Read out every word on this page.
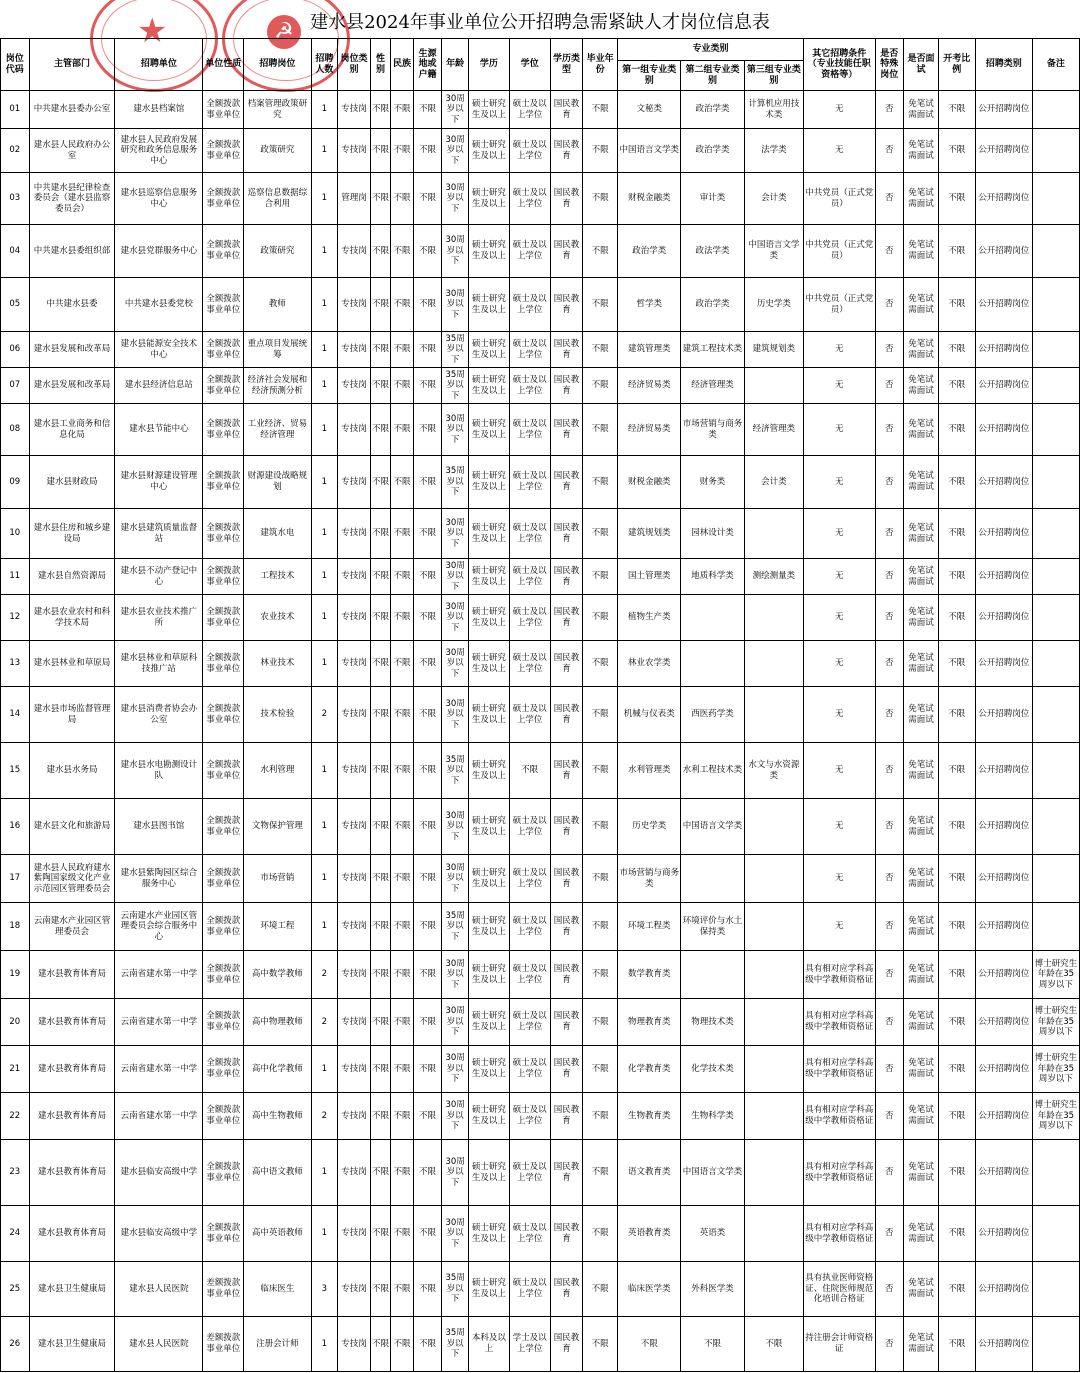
★	☭ 建水县2024年事业单位公开招聘急需紧缺人才岗位信息表
岗位代码	主管部门	招聘单位	单位性质	招聘岗位	招聘人数	岗位类别	性别	民族	生源地或户籍	年龄	学历	学位	学历类型	毕业年份	专业类别			其它招聘条件（专业技能任职资格等）	是否特殊岗位	是否面试	开考比例	招聘类别	备注
															第一组专业类别	第二组专业类别	第三组专业类别						
01	中共建水县委办公室	建水县档案馆	全额拨款事业单位	档案管理政策研究	1	专技岗	不限	不限	不限	30周岁以下	硕士研究生及以上	硕士及以上学位	国民教育	不限	文秘类	政治学类	计算机应用技术类	无	否	免笔试需面试	不限	公开招聘岗位	
02	建水县人民政府办公室	建水县人民政府发展研究和政务信息服务中心	全额拨款事业单位	政策研究	1	专技岗	不限	不限	不限	30周岁以下	硕士研究生及以上	硕士及以上学位	国民教育	不限	中国语言文学类	政治学类	法学类	无	否	免笔试需面试	不限	公开招聘岗位	
03	中共建水县纪律检查委员会（建水县监察委员会）	建水县巡察信息服务中心	全额拨款事业单位	巡察信息数据综合利用	1	管理岗	不限	不限	不限	30周岁以下	硕士研究生及以上	硕士及以上学位	国民教育	不限	财税金融类	审计类	会计类	中共党员（正式党员）	否	免笔试需面试	不限	公开招聘岗位	
04	中共建水县委组织部	建水县党群服务中心	全额拨款事业单位	政策研究	1	专技岗	不限	不限	不限	30周岁以下	硕士研究生及以上	硕士及以上学位	国民教育	不限	政治学类	政法学类	中国语言文学类	中共党员（正式党员）	否	免笔试需面试	不限	公开招聘岗位	
05	中共建水县委	中共建水县委党校	全额拨款事业单位	教师	1	专技岗	不限	不限	不限	30周岁以下	硕士研究生及以上	硕士及以上学位	国民教育	不限	哲学类	政治学类	历史学类	中共党员（正式党员）	否	免笔试需面试	不限	公开招聘岗位	
06	建水县发展和改革局	建水县能源安全技术中心	全额拨款事业单位	重点项目发展统筹	1	专技岗	不限	不限	不限	35周岁以下	硕士研究生及以上	硕士及以上学位	国民教育	不限	建筑管理类	建筑工程技术类	建筑规划类	无	否	免笔试需面试	不限	公开招聘岗位	
07	建水县发展和改革局	建水县经济信息站	全额拨款事业单位	经济社会发展和经济预测分析	1	专技岗	不限	不限	不限	35周岁以下	硕士研究生及以上	硕士及以上学位	国民教育	不限	经济贸易类	经济管理类		无	否	免笔试需面试	不限	公开招聘岗位	
08	建水县工业商务和信息化局	建水县节能中心	全额拨款事业单位	工业经济、贸易经济管理	1	专技岗	不限	不限	不限	30周岁以下	硕士研究生及以上	硕士及以上学位	国民教育	不限	经济贸易类	市场营销与商务类	经济管理类	无	否	免笔试需面试	不限	公开招聘岗位	
09	建水县财政局	建水县财源建设管理中心	全额拨款事业单位	财源建设战略规划	1	专技岗	不限	不限	不限	35周岁以下	硕士研究生及以上	硕士及以上学位	国民教育	不限	财税金融类	财务类	会计类	无	否	免笔试需面试	不限	公开招聘岗位	
10	建水县住房和城乡建设局	建水县建筑质量监督站	全额拨款事业单位	建筑水电	1	专技岗	不限	不限	不限	30周岁以下	硕士研究生及以上	硕士及以上学位	国民教育	不限	建筑规划类	园林设计类		无	否	免笔试需面试	不限	公开招聘岗位	
11	建水县自然资源局	建水县不动产登记中心	全额拨款事业单位	工程技术	1	专技岗	不限	不限	不限	30周岁以下	硕士研究生及以上	硕士及以上学位	国民教育	不限	国土管理类	地质科学类	测绘测量类	无	否	免笔试需面试	不限	公开招聘岗位	
12	建水县农业农村和科学技术局	建水县农业技术推广所	全额拨款事业单位	农业技术	1	专技岗	不限	不限	不限	30周岁以下	硕士研究生及以上	硕士及以上学位	国民教育	不限	植物生产类			无	否	免笔试需面试	不限	公开招聘岗位	
13	建水县林业和草原局	建水县林业和草原科技推广站	全额拨款事业单位	林业技术	1	专技岗	不限	不限	不限	30周岁以下	硕士研究生及以上	硕士及以上学位	国民教育	不限	林业农学类			无	否	免笔试需面试	不限	公开招聘岗位	
14	建水县市场监督管理局	建水县消费者协会办公室	全额拨款事业单位	技术检验	2	专技岗	不限	不限	不限	30周岁以下	硕士研究生及以上	硕士及以上学位	国民教育	不限	机械与仪表类	西医药学类		无	否	免笔试需面试	不限	公开招聘岗位	
15	建水县水务局	建水县水电勘测设计队	全额拨款事业单位	水利管理	1	专技岗	不限	不限	不限	35周岁以下	硕士研究生及以上	不限	国民教育	不限	水利管理类	水利工程技术类	水文与水资源类	无	否	免笔试需面试	不限	公开招聘岗位	
16	建水县文化和旅游局	建水县图书馆	全额拨款事业单位	文物保护管理	1	专技岗	不限	不限	不限	30周岁以下	硕士研究生及以上	硕士及以上学位	国民教育	不限	历史学类	中国语言文学类		无	否	免笔试需面试	不限	公开招聘岗位	
17	建水县人民政府建水紫陶国家级文化产业示范园区管理委员会	建水县紫陶园区综合服务中心	全额拨款事业单位	市场营销	1	专技岗	不限	不限	不限	30周岁以下	硕士研究生及以上	硕士及以上学位	国民教育	不限	市场营销与商务类			无	否	免笔试需面试	不限	公开招聘岗位	
18	云南建水产业园区管理委员会	云南建水产业园区管理委员会综合服务中心	全额拨款事业单位	环境工程	1	专技岗	不限	不限	不限	35周岁以下	硕士研究生及以上	硕士及以上学位	国民教育	不限	环境工程类	环境评价与水土保持类		无	否	免笔试需面试	不限	公开招聘岗位	
19	建水县教育体育局	云南省建水第一中学	全额拨款事业单位	高中数学教师	2	专技岗	不限	不限	不限	30周岁以下	硕士研究生及以上	硕士及以上学位	国民教育	不限	数学教育类			具有相对应学科高级中学教师资格证	否	免笔试需面试	不限	公开招聘岗位	博士研究生年龄在35周岁以下
20	建水县教育体育局	云南省建水第一中学	全额拨款事业单位	高中物理教师	2	专技岗	不限	不限	不限	30周岁以下	硕士研究生及以上	硕士及以上学位	国民教育	不限	物理教育类	物理技术类		具有相对应学科高级中学教师资格证	否	免笔试需面试	不限	公开招聘岗位	博士研究生年龄在35周岁以下
21	建水县教育体育局	云南省建水第一中学	全额拨款事业单位	高中化学教师	1	专技岗	不限	不限	不限	30周岁以下	硕士研究生及以上	硕士及以上学位	国民教育	不限	化学教育类	化学技术类		具有相对应学科高级中学教师资格证	否	免笔试需面试	不限	公开招聘岗位	博士研究生年龄在35周岁以下
22	建水县教育体育局	云南省建水第一中学	全额拨款事业单位	高中生物教师	2	专技岗	不限	不限	不限	30周岁以下	硕士研究生及以上	硕士及以上学位	国民教育	不限	生物教育类	生物科学类		具有相对应学科高级中学教师资格证	否	免笔试需面试	不限	公开招聘岗位	博士研究生年龄在35周岁以下
23	建水县教育体育局	建水县临安高级中学	全额拨款事业单位	高中语文教师	1	专技岗	不限	不限	不限	30周岁以下	硕士研究生及以上	硕士及以上学位	国民教育	不限	语文教育类	中国语言文学类		具有相对应学科高级中学教师资格证	否	免笔试需面试	不限	公开招聘岗位	
24	建水县教育体育局	建水县临安高级中学	全额拨款事业单位	高中英语教师	1	专技岗	不限	不限	不限	30周岁以下	硕士研究生及以上	硕士及以上学位	国民教育	不限	英语教育类	英语类		具有相对应学科高级中学教师资格证	否	免笔试需面试	不限	公开招聘岗位	
25	建水县卫生健康局	建水县人民医院	差额拨款事业单位	临床医生	3	专技岗	不限	不限	不限	35周岁以下	硕士研究生及以上	硕士及以上学位	国民教育	不限	临床医学类	外科医学类		具有执业医师资格证、住院医师规范化培训合格证	否	免笔试需面试	不限	公开招聘岗位	
26	建水县卫生健康局	建水县人民医院	差额拨款事业单位	注册会计师	1	专技岗	不限	不限	不限	35周岁以下	本科及以上	学士及以上学位	国民教育	不限	不限	不限	不限	持注册会计师资格证	否	免笔试需面试	不限	公开招聘岗位	
